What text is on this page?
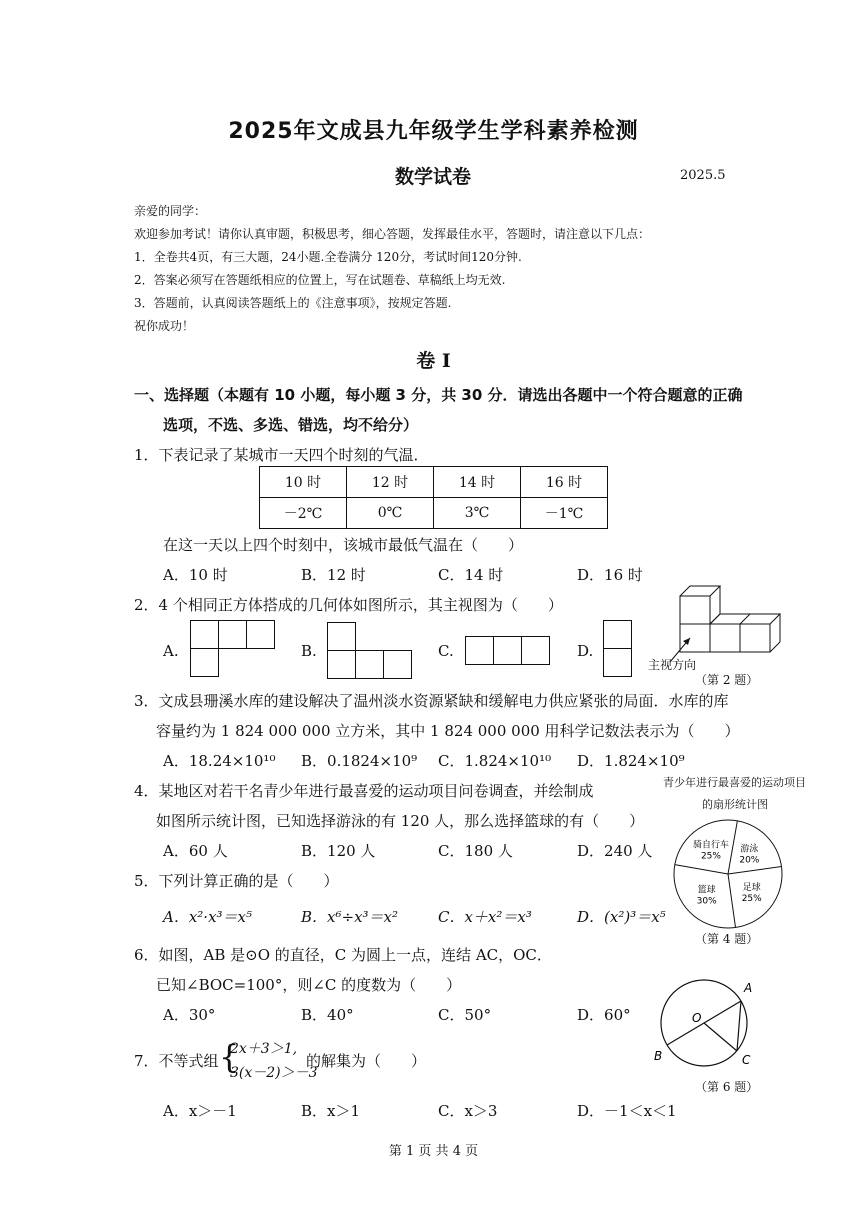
2025年文成县九年级学生学科素养检测
数学试卷	2025.5
亲爱的同学：
欢迎参加考试！请你认真审题，积极思考，细心答题，发挥最佳水平，答题时，请注意以下几点：
1．全卷共4页，有三大题，24小题.全卷满分 120分，考试时间120分钟.
2．答案必须写在答题纸相应的位置上，写在试题卷、草稿纸上均无效.
3．答题前，认真阅读答题纸上的《注意事项》，按规定答题.
祝你成功！
卷 I
一、选择题（本题有 10 小题，每小题 3 分，共 30 分．请选出各题中一个符合题意的正确
选项，不选、多选、错选，均不给分）
1．下表记录了某城市一天四个时刻的气温．
10 时	12 时	14 时	16 时
－2℃	0℃	3℃	－1℃
在这一天以上四个时刻中，该城市最低气温在（　　）
A．10 时	B．12 时	C．14 时	D．16 时
2．4 个相同正方体搭成的几何体如图所示，其主视图为（　　）
A.	B.	C.	D.
主视方向
（第 2 题）
3．文成县珊溪水库的建设解决了温州淡水资源紧缺和缓解电力供应紧张的局面．水库的库
容量约为 1 824 000 000 立方米，其中 1 824 000 000 用科学记数法表示为（　　）
A．18.24×10¹⁰ B．0.1824×10⁹ C．1.824×10¹⁰ D．1.824×10⁹
4．某地区对若干名青少年进行最喜爱的运动项目问卷调查，并绘制成
如图所示统计图，已知选择游泳的有 120 人，那么选择篮球的有（　　）
A．60 人	B．120 人	C．180 人	D．240 人
青少年进行最喜爱的运动项目
的扇形统计图
骑自行车
25%
游泳
20%
足球
25%
篮球
30%
（第 4 题）
5．下列计算正确的是（　　）
A．x²·x³＝x⁵	B．x⁶÷x³＝x²	C．x＋x²＝x³	D．(x²)³＝x⁵
6．如图，AB 是⊙O 的直径，C 为圆上一点，连结 AC，OC．
已知∠BOC=100°，则∠C 的度数为（　　）
A．30°	B．40°	C．50°	D．60°
A
B	C
O
（第 6 题）
7．不等式组 {
2x＋3＞1,
3(x－2)＞－3
的解集为（　　）
A．x＞－1	B．x＞1	C．x＞3	D．－1＜x＜1
第 1 页 共 4 页
